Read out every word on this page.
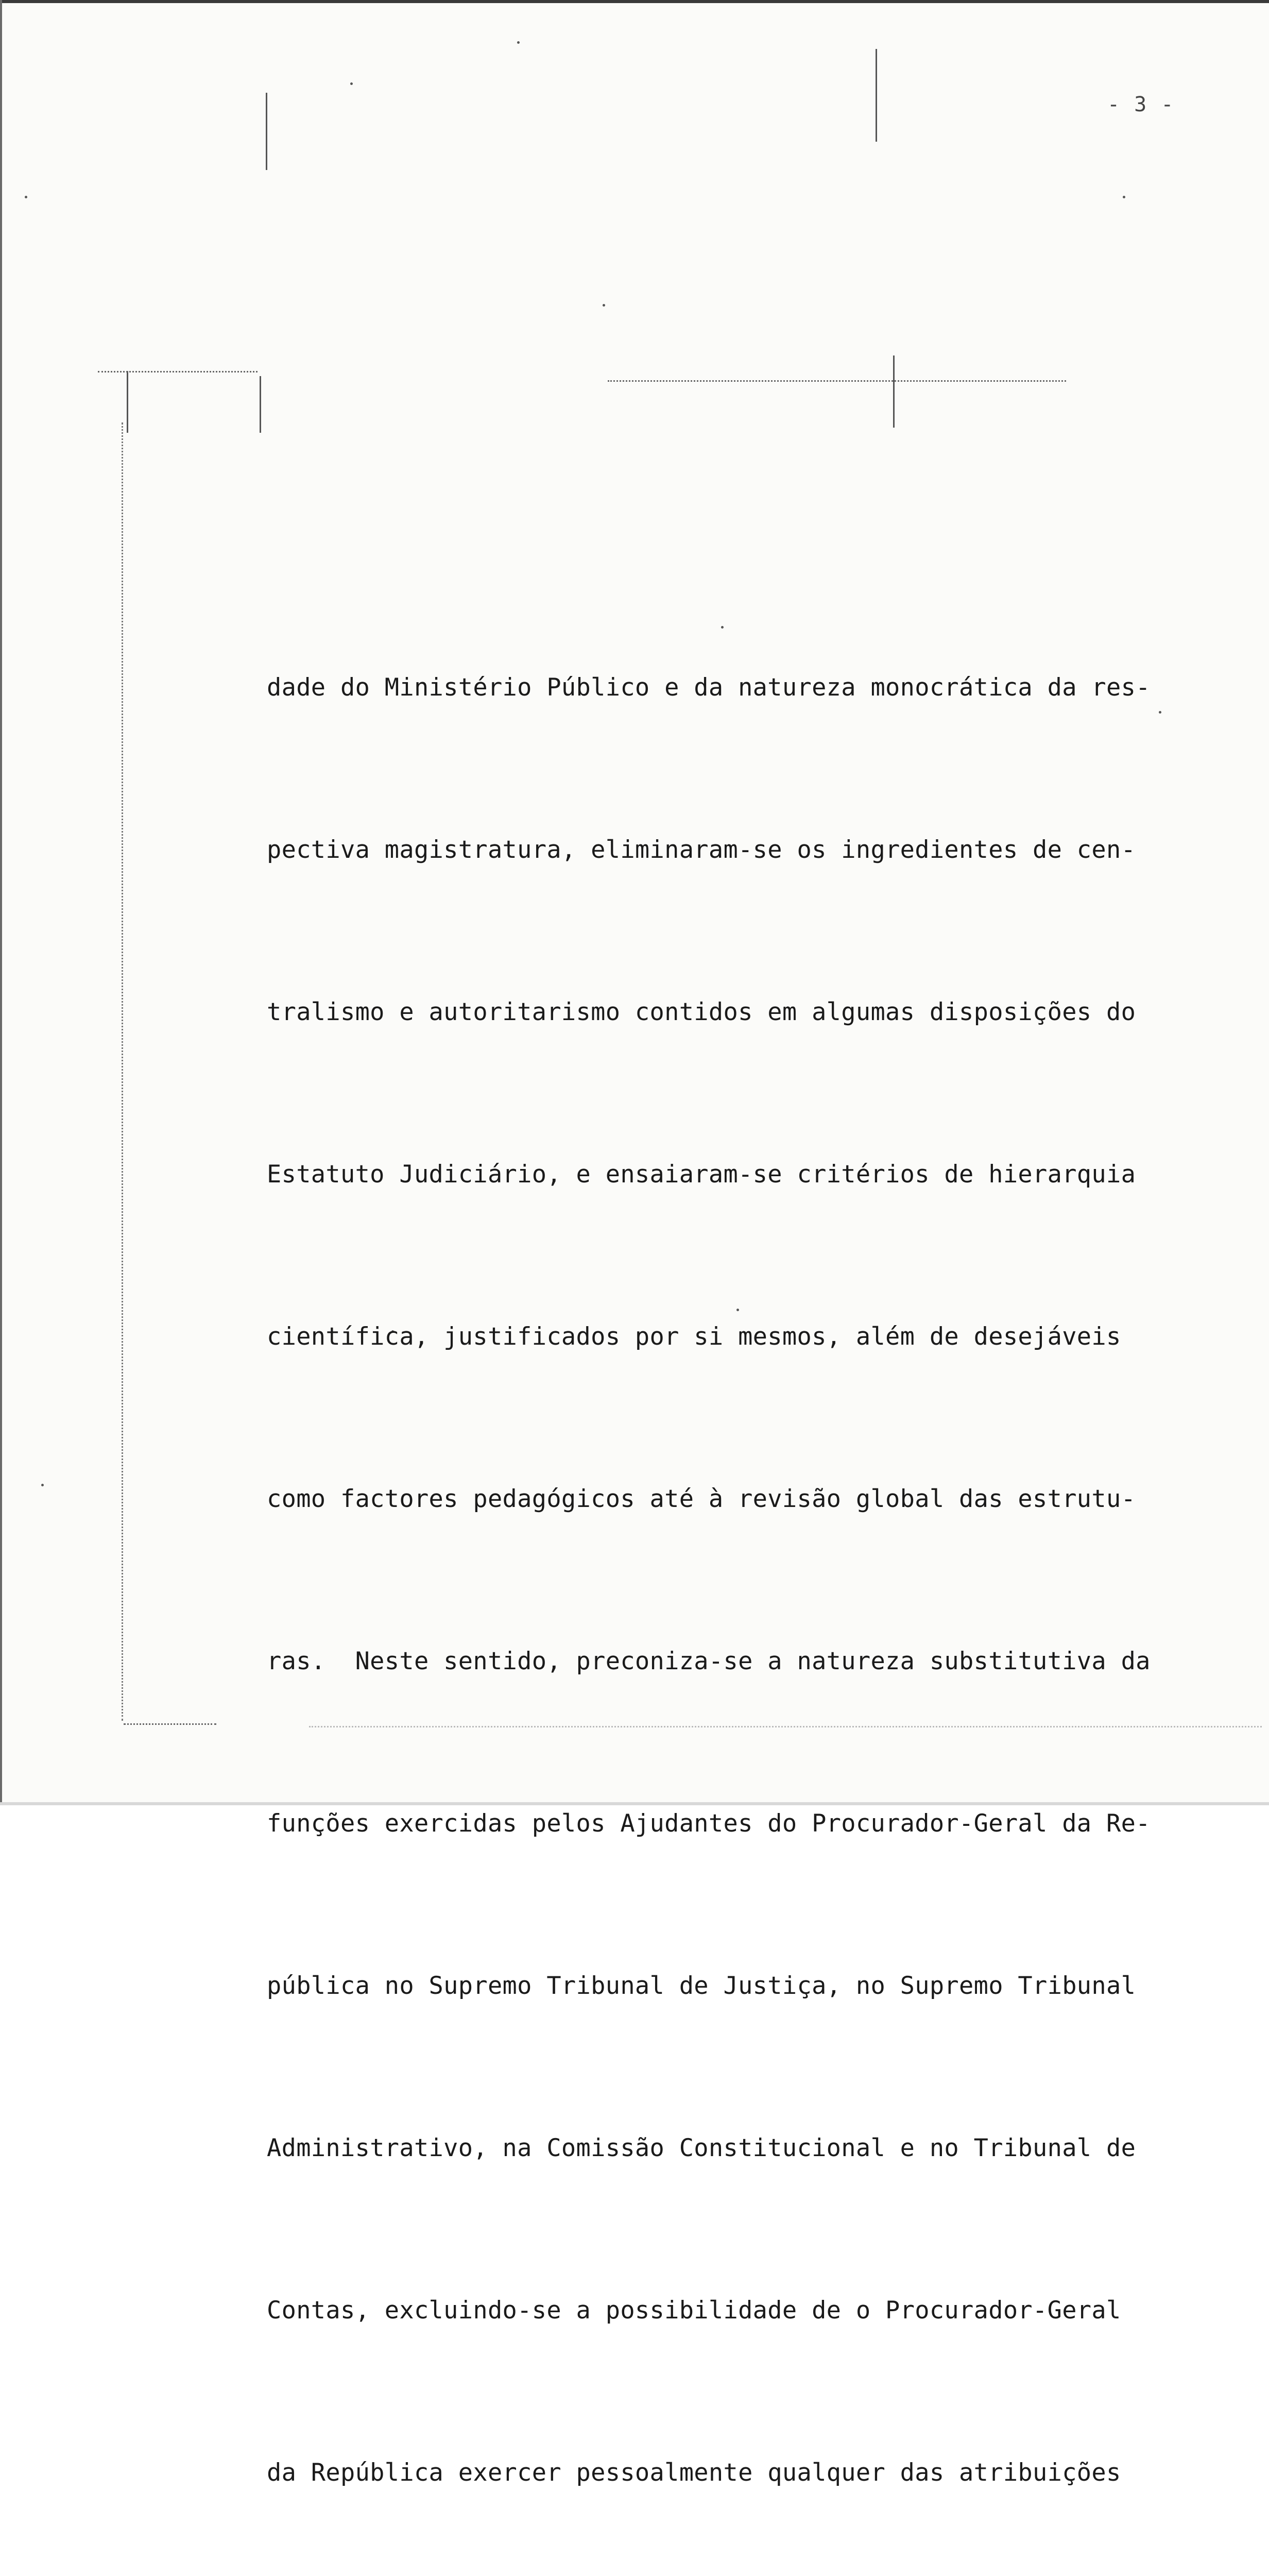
- 3 -

dade do Ministério Público e da natureza monocrática da res-

pectiva magistratura, eliminaram-se os ingredientes de cen-

tralismo e autoritarismo contidos em algumas disposições do

Estatuto Judiciário, e ensaiaram-se critérios de hierarquia

científica, justificados por si mesmos, além de desejáveis

como factores pedagógicos até à revisão global das estrutu-

ras.  Neste sentido, preconiza-se a natureza substitutiva da

funções exercidas pelos Ajudantes do Procurador-Geral da Re-

pública no Supremo Tribunal de Justiça, no Supremo Tribunal

Administrativo, na Comissão Constitucional e no Tribunal de

Contas, excluindo-se a possibilidade de o Procurador-Geral

da República exercer pessoalmente qualquer das atribuições
